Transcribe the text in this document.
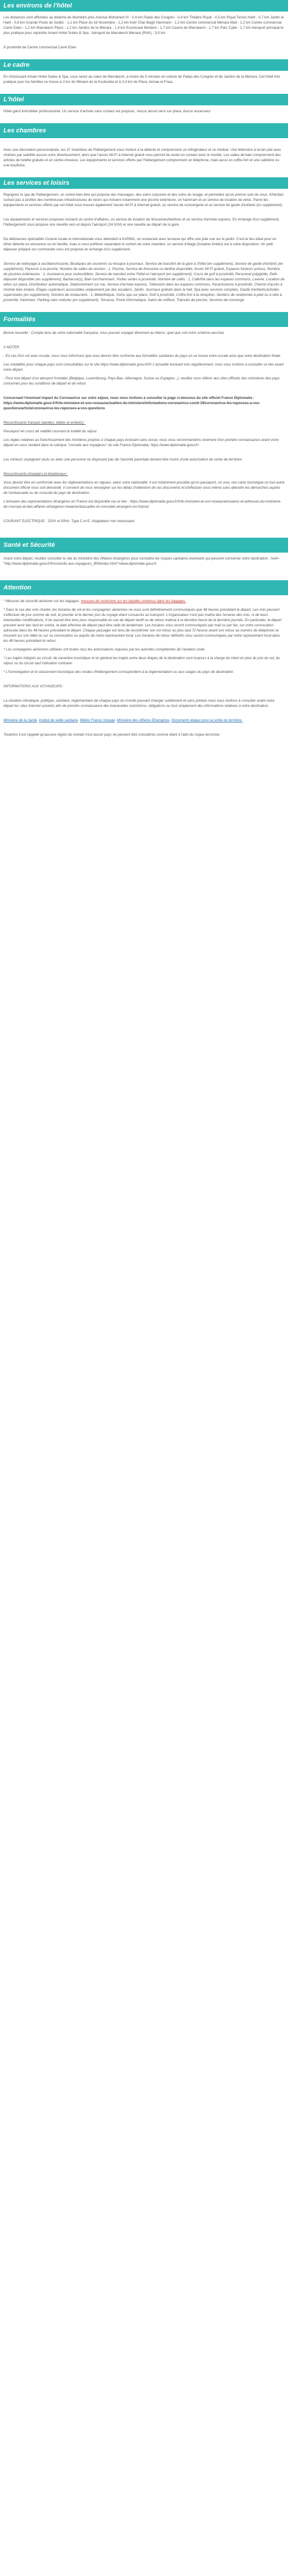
Les environs de l'hôtel

Les distances sont affichées au dixième de kilomètre près Avenue Mohamed VI - 0,4 km Palais des Congrès - 0,4 km Théâtre Royal - 0,5 km Royal Tennis Harti - 0,7 km Jardin el Harti - 0,8 km Grande Poste de Guéliz - 1,1 km Place du 16 Novembre - 1,2 km Kwir Char-Bagh Hammam - 1,2 km Centre commercial Ménara Mall - 1,2 km Centre commercial Carré Eden - 1,2 km Marrakech Plaza - 1,2 km Jardins de la Ménara - 1,4 km Ecomusee Berbere - 1,7 km Casino de Marrakech - 1,7 km Parc Cybe - 1,7 km Aéroport principal le plus pratique pour rejoindre Amani Hotel Suites & Spa : Aéroport de Marrakech Menara (RAK) - 5,5 km

À proximité de Centre commercial Carré Eden

Le cadre

En choisissant Amani Hotel Suites & Spa, vous serez au cœur de Marrakech, à moins de 5 minutes en voiture de Palais des Congrès et de Jardins de la Ménara. Cet hôtel très pratique pour les familles se trouve à 3 km de Minaret de la Koutoubia et à 3,4 km de Place Jemaa el-Fnaa.

L'hôtel

Hôtel garni immobilier professionnel. Un service d'arrivée sans contact est proposé., Aucun alcool servi sur place, Aucun ascenseur

Les chambres

Avec une décoration personnalisée, les 37 chambres de l'hébergement vous invitent à la détente et comprennent un réfrigérateur et un minibar. Une télévision à écran plat avec chaînes par satellite assure votre divertissement, alors que l'accès Wi-Fi à Internet gratuit vous permet de rester en contact avec le monde. Les salles de bain comprennent des articles de toilette gratuits et un sèche-cheveux. Les équipements et services offerts par l'hébergement comprennent un téléphone, mais aussi un coffre-fort et une cafetière ou une bouilloire.

Les services et loisirs

Rejoignez le spa de l'hébergement, un centre bien-être qui propose des massages, des soins corporels et des soins du visage, et permettez qu'on prenne soin de vous. N'hésitez surtout pas à profiter des nombreuses infrastructures de loisirs qui incluent notamment une piscine extérieure, un hammam et un service de location de vélos. Parmi les équipements et services offerts par cet hôtel vous trouvez également l'accès Wi-Fi à Internet gratuit, un service de conciergerie et un service de garde d'enfants (en supplément).

Les équipements et services proposés incluent un centre d'affaires, un service de location de limousines/berlines et un service d'arrivée express. En échange d'un supplément, l'hébergement vous propose une navette vers et depuis l'aéroport (24 h/24) et une navette au départ de la gare.

De délicieuses spécialités Cuisine locale et internationale vous attendent à KARMA, un restaurant avec terrasse qui offre une jolie vue sur le jardin. C'est le lieu idéal pour un dîner détente en amoureux ou en famille, mais si vous préférez cependant le confort de votre chambre, un service d'étage (horaires limités) est à votre disposition. Un petit déjeuner préparé sur commande vous est proposé en échange d'un supplément.

Service de nettoyage à sec/blanchisserie, Boutiques de souvenirs ou kiosque à journaux, Service de transfert de la gare à l'hôtel (en supplément), Service de garde d'enfants (en supplément), Parasols à la piscine, Nombre de salles de réunion : 1, Piscine, Service de limousine ou berline disponible, Accès Wi-Fi gratuit, Espaces fumeurs prévus, Nombre de piscines extérieures : 1, Assistance pour visites/billets, Service de transfert entre l'hôtel et l'aéroport (en supplément), Cours de golf à proximité, Personnel polyglotte, Petit-déjeuner disponible (en supplément), Barbecue(s), Bain turc/hammam, Visites vertes à proximité, Nombre de cafés : 1, Café/thé dans les espaces communs, Laverie, Location de vélos sur place, Distributeur automatique, Stationnement sur rue, Service d'arrivée express, Télévision dans les espaces communs, Parachutisme à proximité, Chemin d'accès à l'entrée bien éclairé, Étages supérieurs accessibles uniquement par des escaliers, Jardin, Journaux gratuits dans le hall, Spa avec services complets, Garde d'enfants/activités supervisées (en supplément), Nombre de restaurants : 1, Bibliothèque, Soins spa sur place, Golf à proximité, Coffre-fort à la réception, Sentiers de randonnée à pied ou à vélo à proximité, Hammam, Parking sans voiturier (en supplément), Terrasse, Poste informatique, Salon de coiffure, Transats de piscine, Services de concierge

Formalités

Bonne nouvelle : Compte tenu de votre nationalité française, vous pouvez voyager librement au Maroc, quel que soit votre schéma vaccinal.

A NOTER

- En cas d'un vol avec escale, nous vous informons que vous devrez être conforme aux formalités sanitaires du pays où se trouve votre escale ainsi que votre destination finale.

Les modalités pour chaque pays sont consultables sur le site https://www.diplomatie.gouv.fr/fr/ L'actualité évoluant très régulièrement, nous vous invitons à consulter ce lien avant votre départ.

- Pour tout départ d'un aéroport frontalier (Belgique, Luxembourg, Pays-Bas, Allemagne, Suisse ou Espagne...), veuillez vous référer aux sites officiels des ministères des pays concernés pour les conditions de départ et de retour.

Concernant l'éventuel impact du Coronavirus sur votre séjour, nous vous invitons à consulter la page ci-dessous du site officiel France Diplomatie : https://www.diplomatie.gouv.fr/fr/le-ministere-et-son-reseau/actualites-du-ministere/informations-coronavirus-covid-19/coronavirus-les-reponses-a-vos-questions/article/coronavirus-les-reponses-a-vos-questions

Ressortissants français (adultes, bébés et enfants) :

Passeport en cours de validité couvrant la totalité du séjour.

Les règles relatives au franchissement des frontières propres à chaque pays évoluant sans cesse, nous vous recommandons vivement d'en prendre connaissance avant votre départ en vous rendant dans la rubrique "conseils aux voyageurs" du site France Diplomatie, https://www.diplomatie.gouv.fr/.

Les mineurs voyageant seuls ou avec une personne ne disposant pas de l'autorité parentale doivent être munis d'une autorisation de sortie de territoire.

Ressortissants étrangers et binationaux :

Vous devrez être en conformité avec les réglementations en vigueur, selon votre nationalité. Il est notamment possible qu'un passeport, un visa, une carte touristique ou tout autre document officiel vous soit demandé. Il convient de vous renseigner sur les délais d'obtention de ces documents et d'effectuer vous-même sans attendre les démarches auprès de l'ambassade ou du consulat du pays de destination.

L'annuaire des représentations étrangères en France est disponible via ce lien : https://www.diplomatie.gouv.fr/fr/le-ministere-et-son-reseau/annuaires-et-adresses-du-ministere-de-l-europe-et-des-affaires-etrangeres-meae/ambassades-et-consulats-etrangers-en-france/

COURANT ELECTRIQUE : 220V et 50Hz. Type C et E. Adaptateur non nécessaire.

Santé et Sécurité

Avant votre départ, veuillez consulter le site du ministère des Affaires étrangères pour connaître les risques sanitaires éventuels qui peuvent concerner votre destination : href= "http://www.diplomatie.gouv.fr/fr/conseils-aux-voyageurs_909/index.html">www.diplomatie.gouv.fr

Attention

* Mesures de sécurité aérienne sur les bagages: mesures de restriction sur les liquides contenus dans les bagages.

* Dans le cas des vols charter, les horaires de vol et les compagnies aériennes ne nous sont définitivement communiqués que 48 heures précédant le départ. Les vols peuvent s'effectuer de jour comme de nuit, le premier et le dernier jour du voyage étant consacrés au transport. L'organisateur n'est pas maître des horaires des vols, ni de leurs éventuelles modifications. Il ne saurait être tenu pour responsable en cas de départ tardif ou de retour matinal à la dernière heure de la dernière journée. En particulier, le départ pouvant avoir lieu tard en soirée, la date effective de départ peut être celle du lendemain. Les horaires vous seront communiqués par mail ou par fax, sur votre convocation adressée dans les 48 heures précédant le départ. Chaque passager est tenu de reconfirmer son vol retour au plus tard 72 heures avant son retour au numéro de téléphone se trouvant sur son billet ou sur sa convocation ou auprès de notre représentant local. Les horaires de retour définitifs vous seront communiqués par notre représentant local dans les 48 heures précédant le retour.

* Les compagnies aériennes utilisées ont toutes reçu les autorisations requises par les autorités compétentes de l'aviation civile.

* Les trajets intégrés au circuit, de caractère touristique et en général les trajets entre deux étapes de la destination sont toujours à la charge du client en plus du prix du vol, du séjour ou du circuit sauf indication contraire.

* L'homologation et le classement touristique des modes d'hébergement correspondent à la réglementation ou aux usages du pays de destination.

INFORMATIONS AUX VOYAGEURS :

La situation climatique, politique, sanitaire, réglementaire de chaque pays du monde pouvant changer subitement et sans préavis nous vous invitons à consulter avant votre départ les sites Internet suivants afin de prendre connaissance des éventuelles restrictions, obligations ou tout simplement des informations relatives à votre destination.

Ministère de la Santé, Institut de veille sanitaire, Météo France Voyage, Ministère des Affaires Étrangères, Documents légaux pour la sortie du territoire.

Toutefois il est rappelé qu'aucune région du monde n'est aucun pays ne peuvent être considérés comme étant à l'abri du risque terroriste.
